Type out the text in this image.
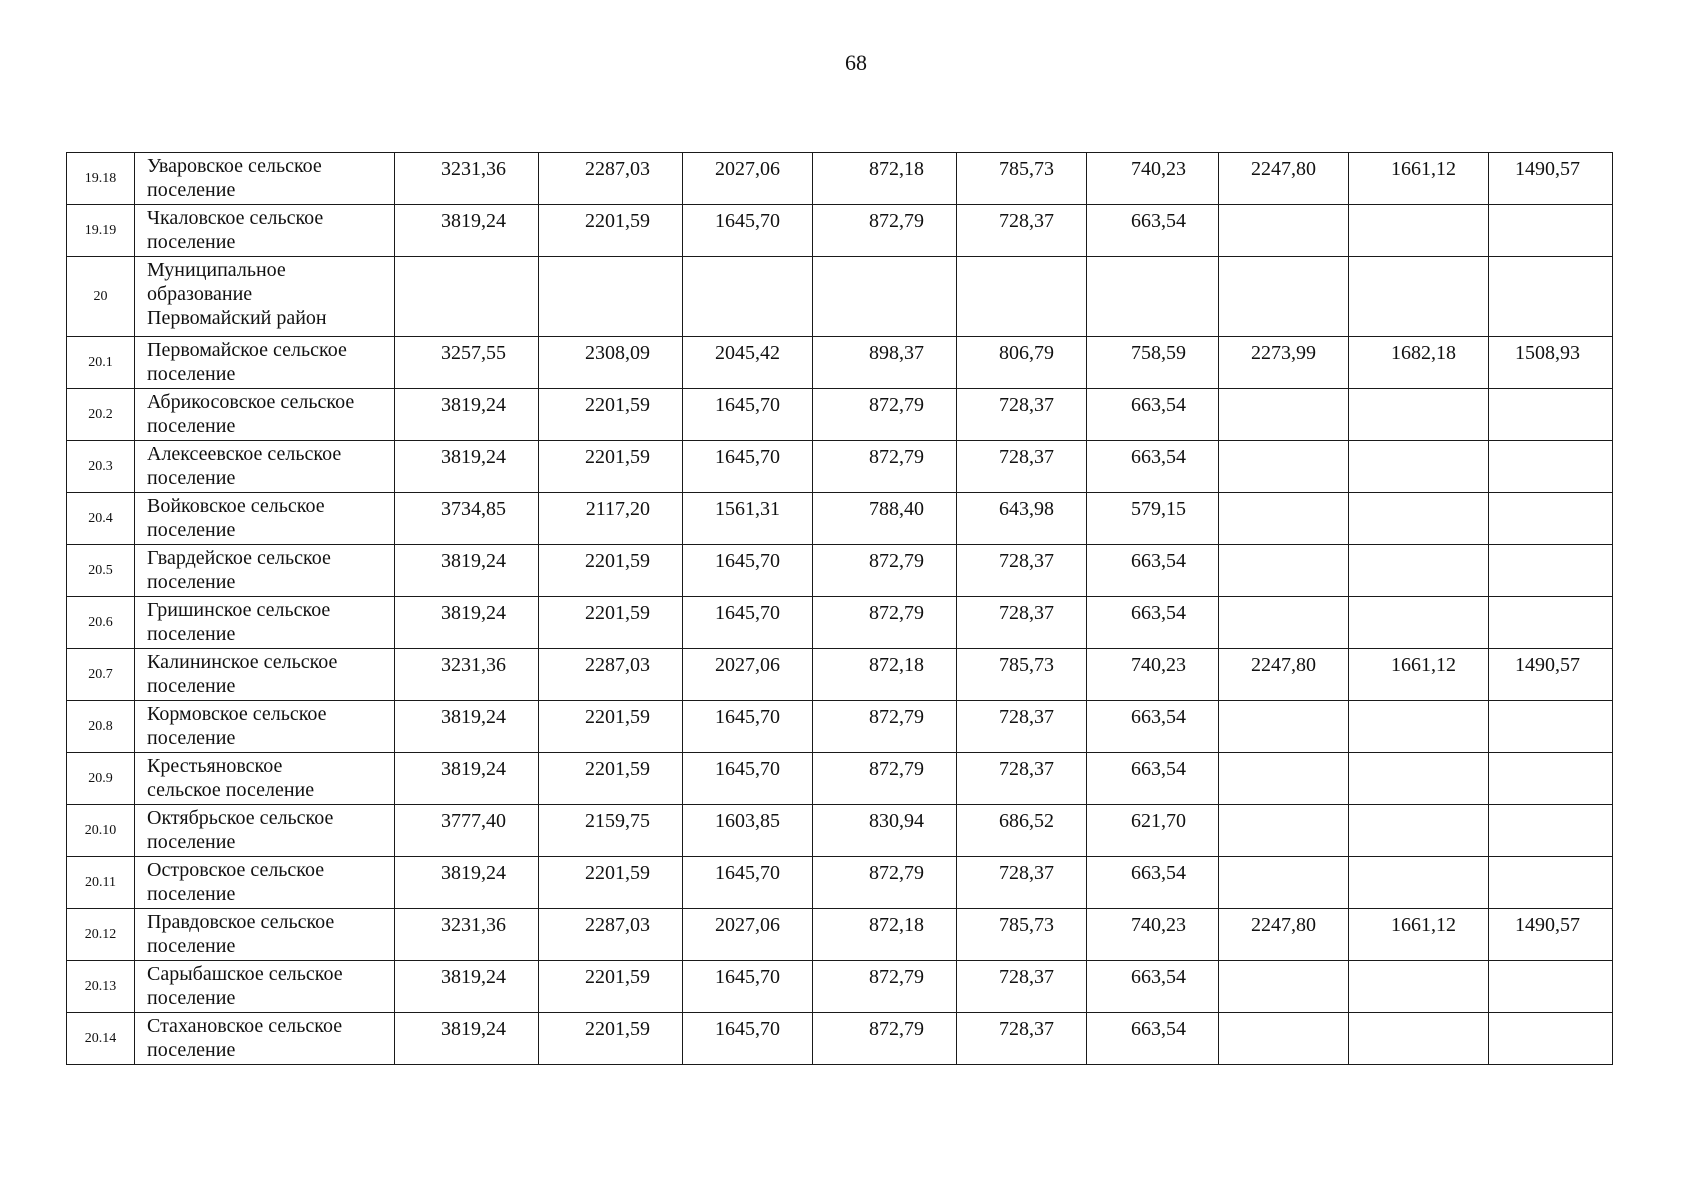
68
19.18	Уваровское сельское
поселение	3231,36	2287,03	2027,06	872,18	785,73	740,23	2247,80	1661,12	1490,57
19.19	Чкаловское сельское
поселение	3819,24	2201,59	1645,70	872,79	728,37	663,54			
20	Муниципальное
образование
Первомайский район									
20.1	Первомайское сельское
поселение	3257,55	2308,09	2045,42	898,37	806,79	758,59	2273,99	1682,18	1508,93
20.2	Абрикосовское сельское
поселение	3819,24	2201,59	1645,70	872,79	728,37	663,54			
20.3	Алексеевское сельское
поселение	3819,24	2201,59	1645,70	872,79	728,37	663,54			
20.4	Войковское сельское
поселение	3734,85	2117,20	1561,31	788,40	643,98	579,15			
20.5	Гвардейское сельское
поселение	3819,24	2201,59	1645,70	872,79	728,37	663,54			
20.6	Гришинское сельское
поселение	3819,24	2201,59	1645,70	872,79	728,37	663,54			
20.7	Калининское сельское
поселение	3231,36	2287,03	2027,06	872,18	785,73	740,23	2247,80	1661,12	1490,57
20.8	Кормовское сельское
поселение	3819,24	2201,59	1645,70	872,79	728,37	663,54			
20.9	Крестьяновское
сельское поселение	3819,24	2201,59	1645,70	872,79	728,37	663,54			
20.10	Октябрьское сельское
поселение	3777,40	2159,75	1603,85	830,94	686,52	621,70			
20.11	Островское сельское
поселение	3819,24	2201,59	1645,70	872,79	728,37	663,54			
20.12	Правдовское сельское
поселение	3231,36	2287,03	2027,06	872,18	785,73	740,23	2247,80	1661,12	1490,57
20.13	Сарыбашское сельское
поселение	3819,24	2201,59	1645,70	872,79	728,37	663,54			
20.14	Стахановское сельское
поселение	3819,24	2201,59	1645,70	872,79	728,37	663,54			
